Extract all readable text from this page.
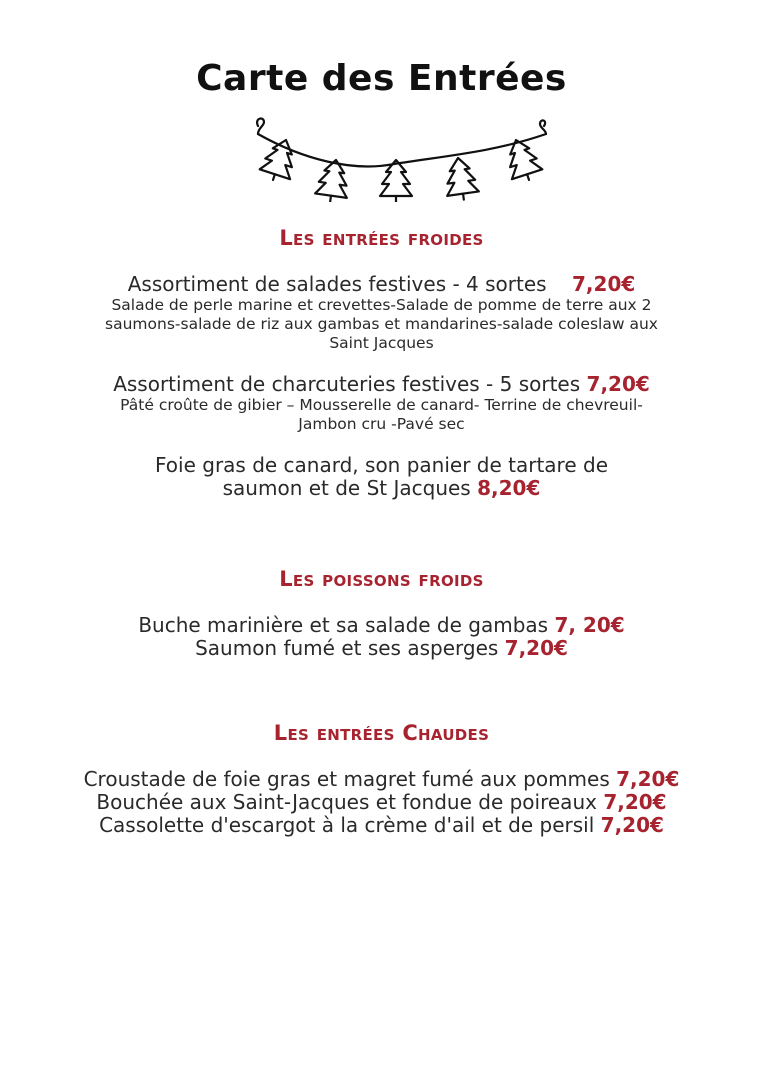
Carte des Entrées
Les entrées froides
Assortiment de salades festives - 4 sortes 7,20€
Salade de perle marine et crevettes-Salade de pomme de terre aux 2
saumons-salade de riz aux gambas et mandarines-salade coleslaw aux
Saint Jacques
Assortiment de charcuteries festives - 5 sortes 7,20€
Pâté croûte de gibier – Mousserelle de canard- Terrine de chevreuil-
Jambon cru -Pavé sec
Foie gras de canard, son panier de tartare de
saumon et de St Jacques 8,20€
Les poissons froids
Buche marinière et sa salade de gambas 7, 20€
Saumon fumé et ses asperges 7,20€
Les entrées Chaudes
Croustade de foie gras et magret fumé aux pommes 7,20€
Bouchée aux Saint-Jacques et fondue de poireaux 7,20€
Cassolette d'escargot à la crème d'ail et de persil 7,20€
